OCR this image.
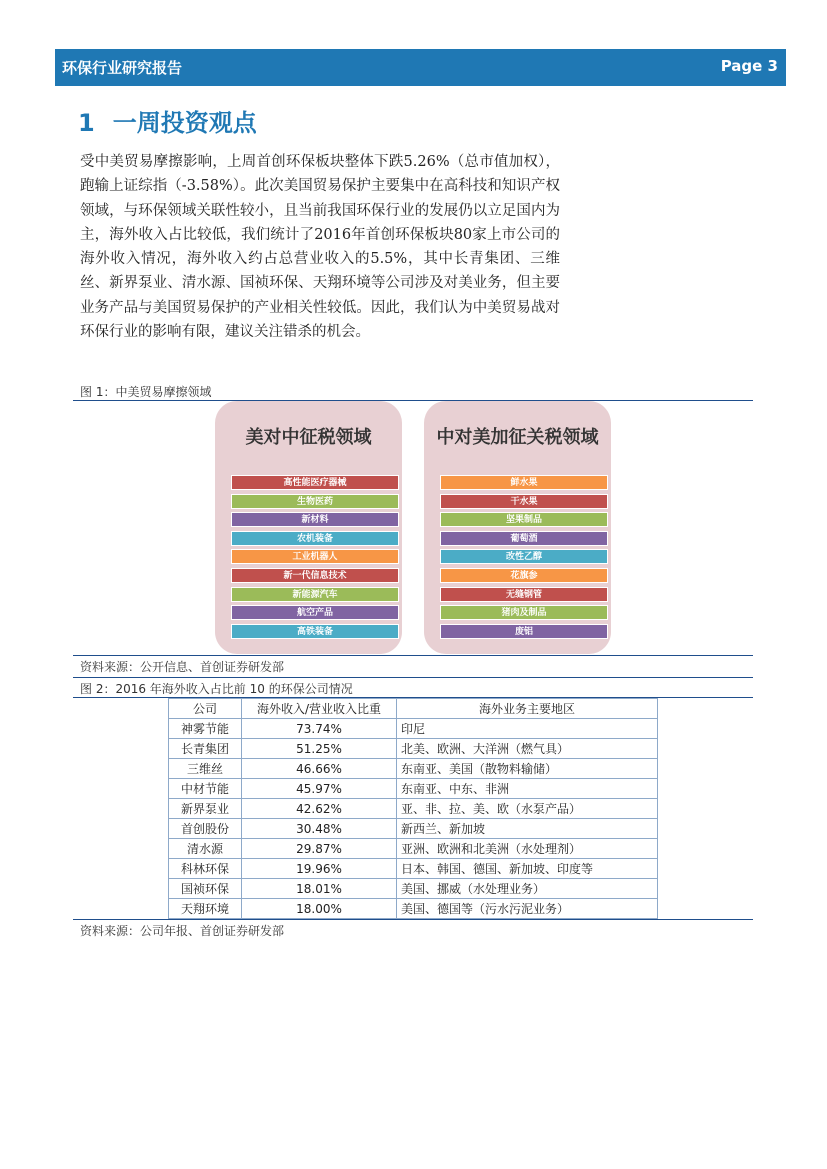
环保行业研究报告	Page 3
1 一周投资观点
受中美贸易摩擦影响，上周首创环保板块整体下跌5.26%（总市值加权），跑输上证综指（-3.58%）。此次美国贸易保护主要集中在高科技和知识产权领域，与环保领域关联性较小，且当前我国环保行业的发展仍以立足国内为主，海外收入占比较低，我们统计了2016年首创环保板块80家上市公司的海外收入情况，海外收入约占总营业收入的5.5%，其中长青集团、三维丝、新界泵业、清水源、国祯环保、天翔环境等公司涉及对美业务，但主要业务产品与美国贸易保护的产业相关性较低。因此，我们认为中美贸易战对环保行业的影响有限，建议关注错杀的机会。
图 1：中美贸易摩擦领域
美对中征税领域
高性能医疗器械
生物医药
新材料
农机装备
工业机器人
新一代信息技术
新能源汽车
航空产品
高铁装备
中对美加征关税领域
鲜水果
干水果
坚果制品
葡萄酒
改性乙醇
花旗参
无缝钢管
猪肉及制品
废铝
资料来源：公开信息、首创证券研发部
图 2：2016 年海外收入占比前 10 的环保公司情况
公司	海外收入/营业收入比重	海外业务主要地区
神雾节能	73.74%	印尼
长青集团	51.25%	北美、欧洲、大洋洲（燃气具）
三维丝	46.66%	东南亚、美国（散物料输储）
中材节能	45.97%	东南亚、中东、非洲
新界泵业	42.62%	亚、非、拉、美、欧（水泵产品）
首创股份	30.48%	新西兰、新加坡
清水源	29.87%	亚洲、欧洲和北美洲（水处理剂）
科林环保	19.96%	日本、韩国、德国、新加坡、印度等
国祯环保	18.01%	美国、挪威（水处理业务）
天翔环境	18.00%	美国、德国等（污水污泥业务）
资料来源：公司年报、首创证券研发部
